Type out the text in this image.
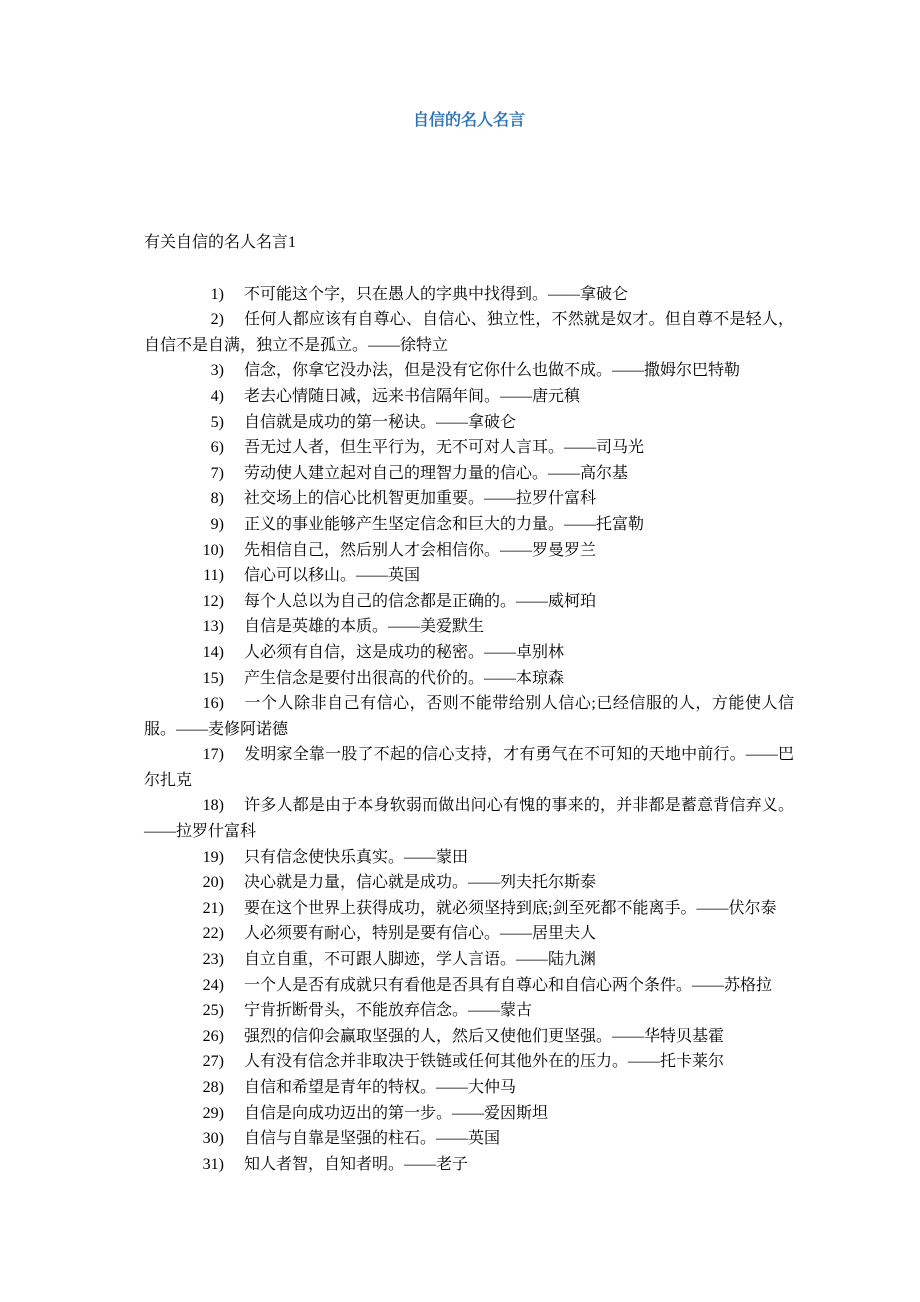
自信的名人名言

有关自信的名人名言1

1) 不可能这个字，只在愚人的字典中找得到。——拿破仑

2) 任何人都应该有自尊心、自信心、独立性，不然就是奴才。但自尊不是轻人，自信不是自满，独立不是孤立。——徐特立

3) 信念，你拿它没办法，但是没有它你什么也做不成。——撒姆尔巴特勒

4) 老去心情随日减，远来书信隔年间。——唐元稹

5) 自信就是成功的第一秘诀。——拿破仑

6) 吾无过人者，但生平行为，无不可对人言耳。——司马光

7) 劳动使人建立起对自己的理智力量的信心。——高尔基

8) 社交场上的信心比机智更加重要。——拉罗什富科

9) 正义的事业能够产生坚定信念和巨大的力量。——托富勒

10) 先相信自己，然后别人才会相信你。——罗曼罗兰

11) 信心可以移山。——英国

12) 每个人总以为自己的信念都是正确的。——威柯珀

13) 自信是英雄的本质。——美爱默生

14) 人必须有自信，这是成功的秘密。——卓别林

15) 产生信念是要付出很高的代价的。——本琼森

16) 一个人除非自己有信心，否则不能带给别人信心;已经信服的人，方能使人信服。——麦修阿诺德

17) 发明家全靠一股了不起的信心支持，才有勇气在不可知的天地中前行。——巴尔扎克

18) 许多人都是由于本身软弱而做出问心有愧的事来的，并非都是蓄意背信弃义。——拉罗什富科

19) 只有信念使快乐真实。——蒙田

20) 决心就是力量，信心就是成功。——列夫托尔斯泰

21) 要在这个世界上获得成功，就必须坚持到底;剑至死都不能离手。——伏尔泰

22) 人必须要有耐心，特别是要有信心。——居里夫人

23) 自立自重，不可跟人脚迹，学人言语。——陆九渊

24) 一个人是否有成就只有看他是否具有自尊心和自信心两个条件。——苏格拉

25) 宁肯折断骨头，不能放弃信念。——蒙古

26) 强烈的信仰会赢取坚强的人，然后又使他们更坚强。——华特贝基霍

27) 人有没有信念并非取决于铁链或任何其他外在的压力。——托卡莱尔

28) 自信和希望是青年的特权。——大仲马

29) 自信是向成功迈出的第一步。——爱因斯坦

30) 自信与自靠是坚强的柱石。——英国

31) 知人者智，自知者明。——老子
